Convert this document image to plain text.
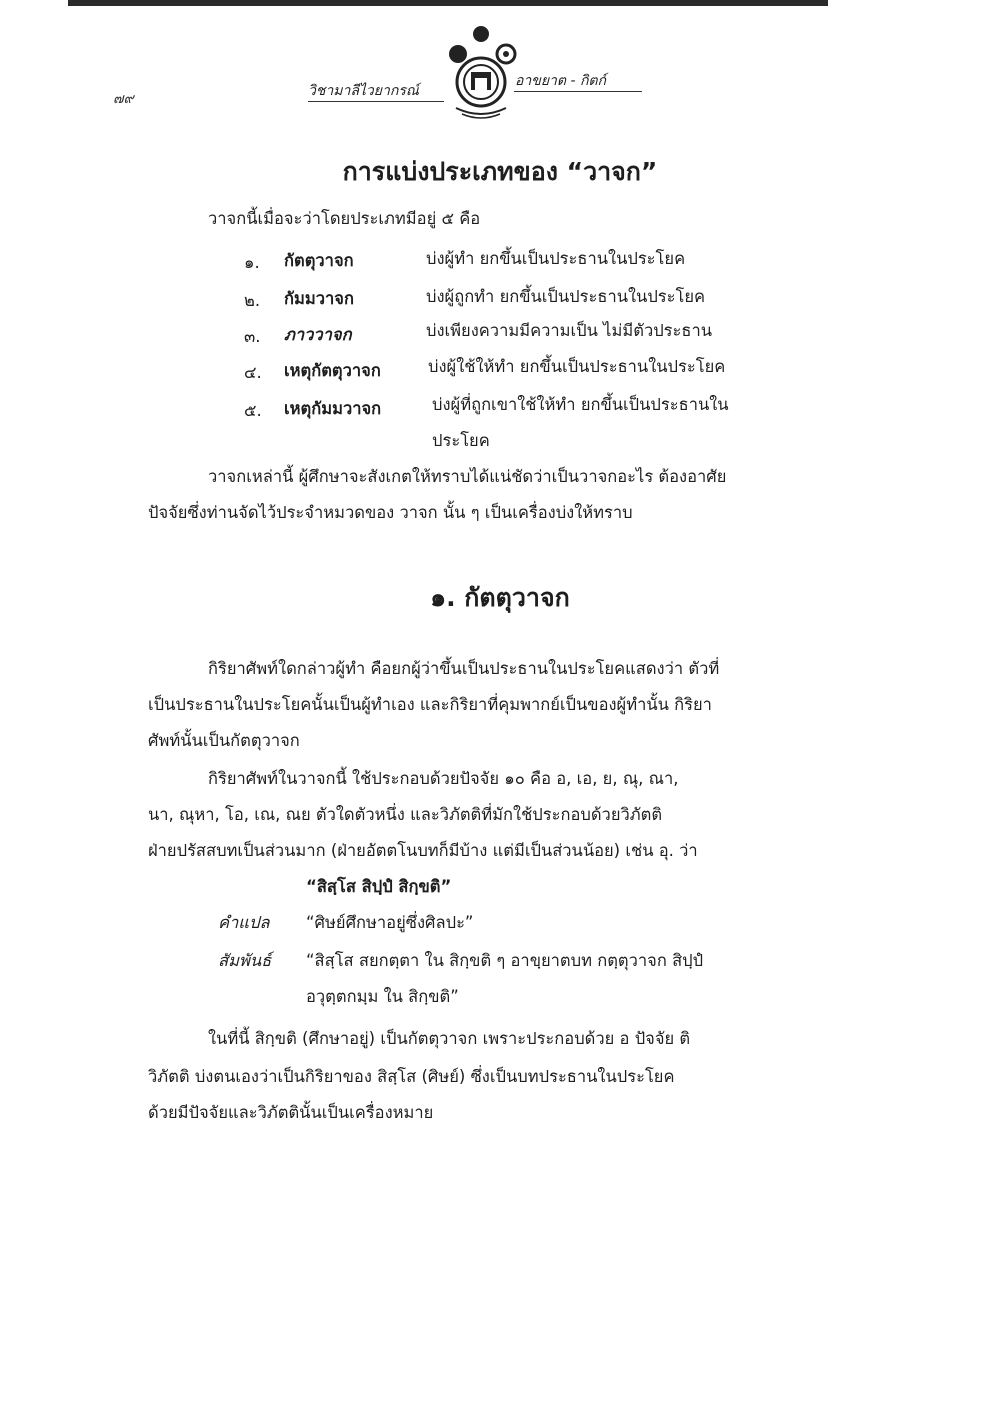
๗๙	วิชามาลีไวยากรณ์
อาขยาต - กิตก์
การแบ่งประเภทของ “วาจก”
วาจกนี้เมื่อจะว่าโดยประเภทมีอยู่ ๕ คือ
๑. กัตตุวาจก	บ่งผู้ทำ ยกขึ้นเป็นประธานในประโยค
๒. กัมมวาจก	บ่งผู้ถูกทำ ยกขึ้นเป็นประธานในประโยค
๓. ภาววาจก	บ่งเพียงความมีความเป็น ไม่มีตัวประธาน
๔. เหตุกัตตุวาจก	บ่งผู้ใช้ให้ทำ ยกขึ้นเป็นประธานในประโยค
๕. เหตุกัมมวาจก	บ่งผู้ที่ถูกเขาใช้ให้ทำ ยกขึ้นเป็นประธานใน
ประโยค
วาจกเหล่านี้ ผู้ศึกษาจะสังเกตให้ทราบได้แน่ชัดว่าเป็นวาจกอะไร ต้องอาศัย
ปัจจัยซึ่งท่านจัดไว้ประจำหมวดของ วาจก นั้น ๆ เป็นเครื่องบ่งให้ทราบ
๑. กัตตุวาจก
กิริยาศัพท์ใดกล่าวผู้ทำ คือยกผู้ว่าขึ้นเป็นประธานในประโยคแสดงว่า ตัวที่
เป็นประธานในประโยคนั้นเป็นผู้ทำเอง และกิริยาที่คุมพากย์เป็นของผู้ทำนั้น กิริยา
ศัพท์นั้นเป็นกัตตุวาจก
กิริยาศัพท์ในวาจกนี้ ใช้ประกอบด้วยปัจจัย ๑๐ คือ อ, เอ, ย, ณุ, ณา,
นา, ณุหา, โอ, เณ, ณย ตัวใดตัวหนึ่ง และวิภัตติที่มักใช้ประกอบด้วยวิภัตติ
ฝ่ายปรัสสบทเป็นส่วนมาก (ฝ่ายอัตตโนบทก็มีบ้าง แต่มีเป็นส่วนน้อย) เช่น อุ. ว่า
“สิสฺโส สิปฺปํ สิกฺขติ”
คำแปล “ศิษย์ศึกษาอยู่ซึ่งศิลปะ”
สัมพันธ์ “สิสฺโส สยกตฺตา ใน สิกฺขติ ๆ อาขฺยาตบท กตฺตุวาจก สิปฺปํ
อวุตฺตกมฺม ใน สิกฺขติ”
ในที่นี้ สิกฺขติ (ศึกษาอยู่) เป็นกัตตุวาจก เพราะประกอบด้วย อ ปัจจัย ติ
วิภัตติ บ่งตนเองว่าเป็นกิริยาของ สิสฺโส (ศิษย์) ซึ่งเป็นบทประธานในประโยค
ด้วยมีปัจจัยและวิภัตตินั้นเป็นเครื่องหมาย
